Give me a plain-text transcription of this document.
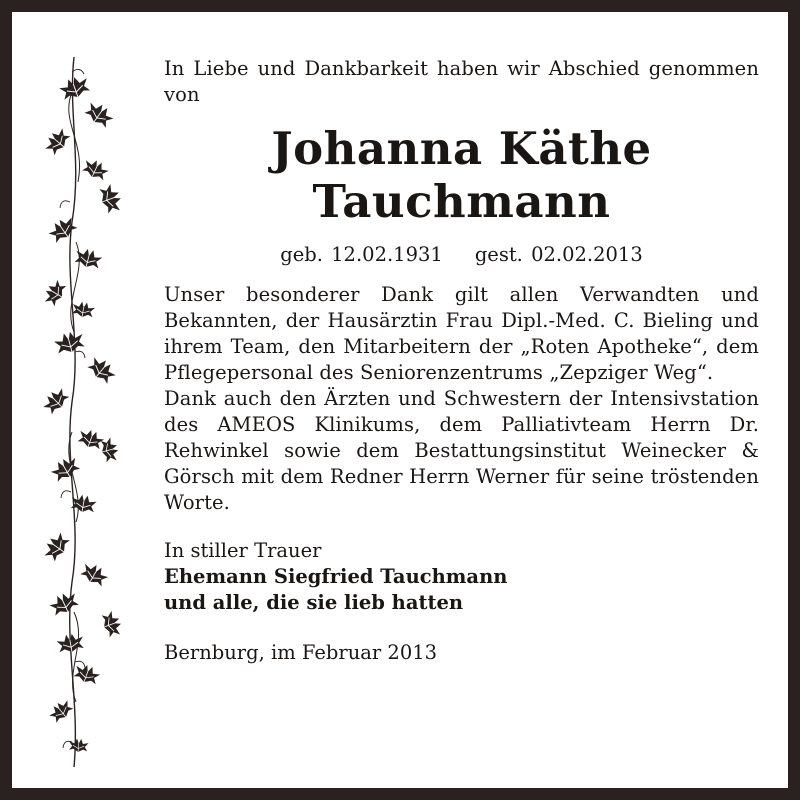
In Liebe und Dankbarkeit haben wir Abschied genommen von

Johanna Käthe
Tauchmann
geb. 12.02.1931 gest. 02.02.2013

Unser besonderer Dank gilt allen Verwandten und Bekannten, der Hausärztin Frau Dipl.-Med. C. Bieling und ihrem Team, den Mitarbeitern der „Roten Apotheke“, dem Pflegepersonal des Seniorenzentrums „Zepziger Weg“.

Dank auch den Ärzten und Schwestern der Intensivstation des AMEOS Klinikums, dem Palliativteam Herrn Dr. Rehwinkel sowie dem Bestattungsinstitut Weinecker & Görsch mit dem Redner Herrn Werner für seine tröstenden Worte.

In stiller Trauer
Ehemann Siegfried Tauchmann
und alle, die sie lieb hatten
Bernburg, im Februar 2013
